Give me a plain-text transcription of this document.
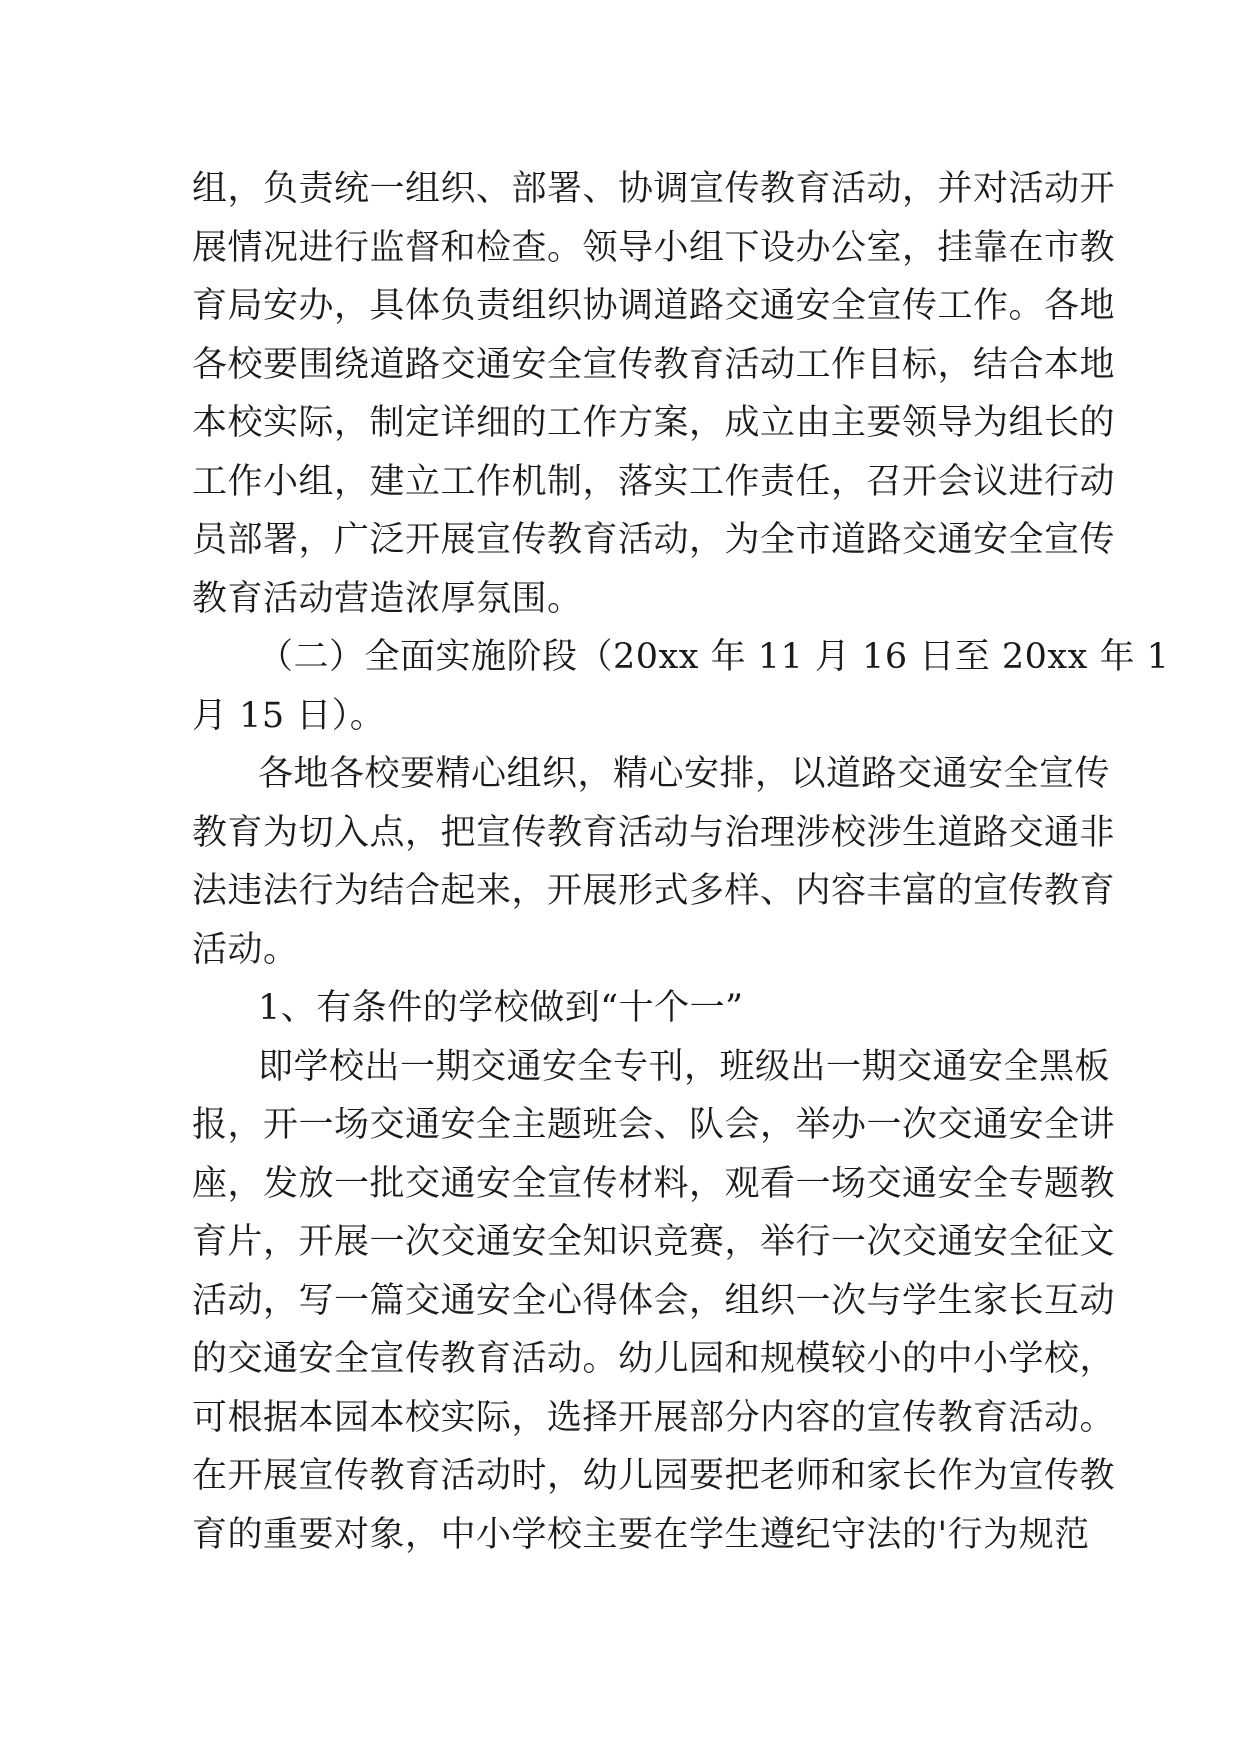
组，负责统一组织、部署、协调宣传教育活动，并对活动开
展情况进行监督和检查。领导小组下设办公室，挂靠在市教
育局安办，具体负责组织协调道路交通安全宣传工作。各地
各校要围绕道路交通安全宣传教育活动工作目标，结合本地
本校实际，制定详细的工作方案，成立由主要领导为组长的
工作小组，建立工作机制，落实工作责任，召开会议进行动
员部署，广泛开展宣传教育活动，为全市道路交通安全宣传
教育活动营造浓厚氛围。
（二）全面实施阶段（20xx 年 11 月 16 日至 20xx 年 1
月 15 日）。
各地各校要精心组织，精心安排，以道路交通安全宣传
教育为切入点，把宣传教育活动与治理涉校涉生道路交通非
法违法行为结合起来，开展形式多样、内容丰富的宣传教育
活动。
1、有条件的学校做到“十个一”
即学校出一期交通安全专刊，班级出一期交通安全黑板
报，开一场交通安全主题班会、队会，举办一次交通安全讲
座，发放一批交通安全宣传材料，观看一场交通安全专题教
育片，开展一次交通安全知识竞赛，举行一次交通安全征文
活动，写一篇交通安全心得体会，组织一次与学生家长互动
的交通安全宣传教育活动。幼儿园和规模较小的中小学校，
可根据本园本校实际，选择开展部分内容的宣传教育活动。
在开展宣传教育活动时，幼儿园要把老师和家长作为宣传教
育的重要对象，中小学校主要在学生遵纪守法的'行为规范
